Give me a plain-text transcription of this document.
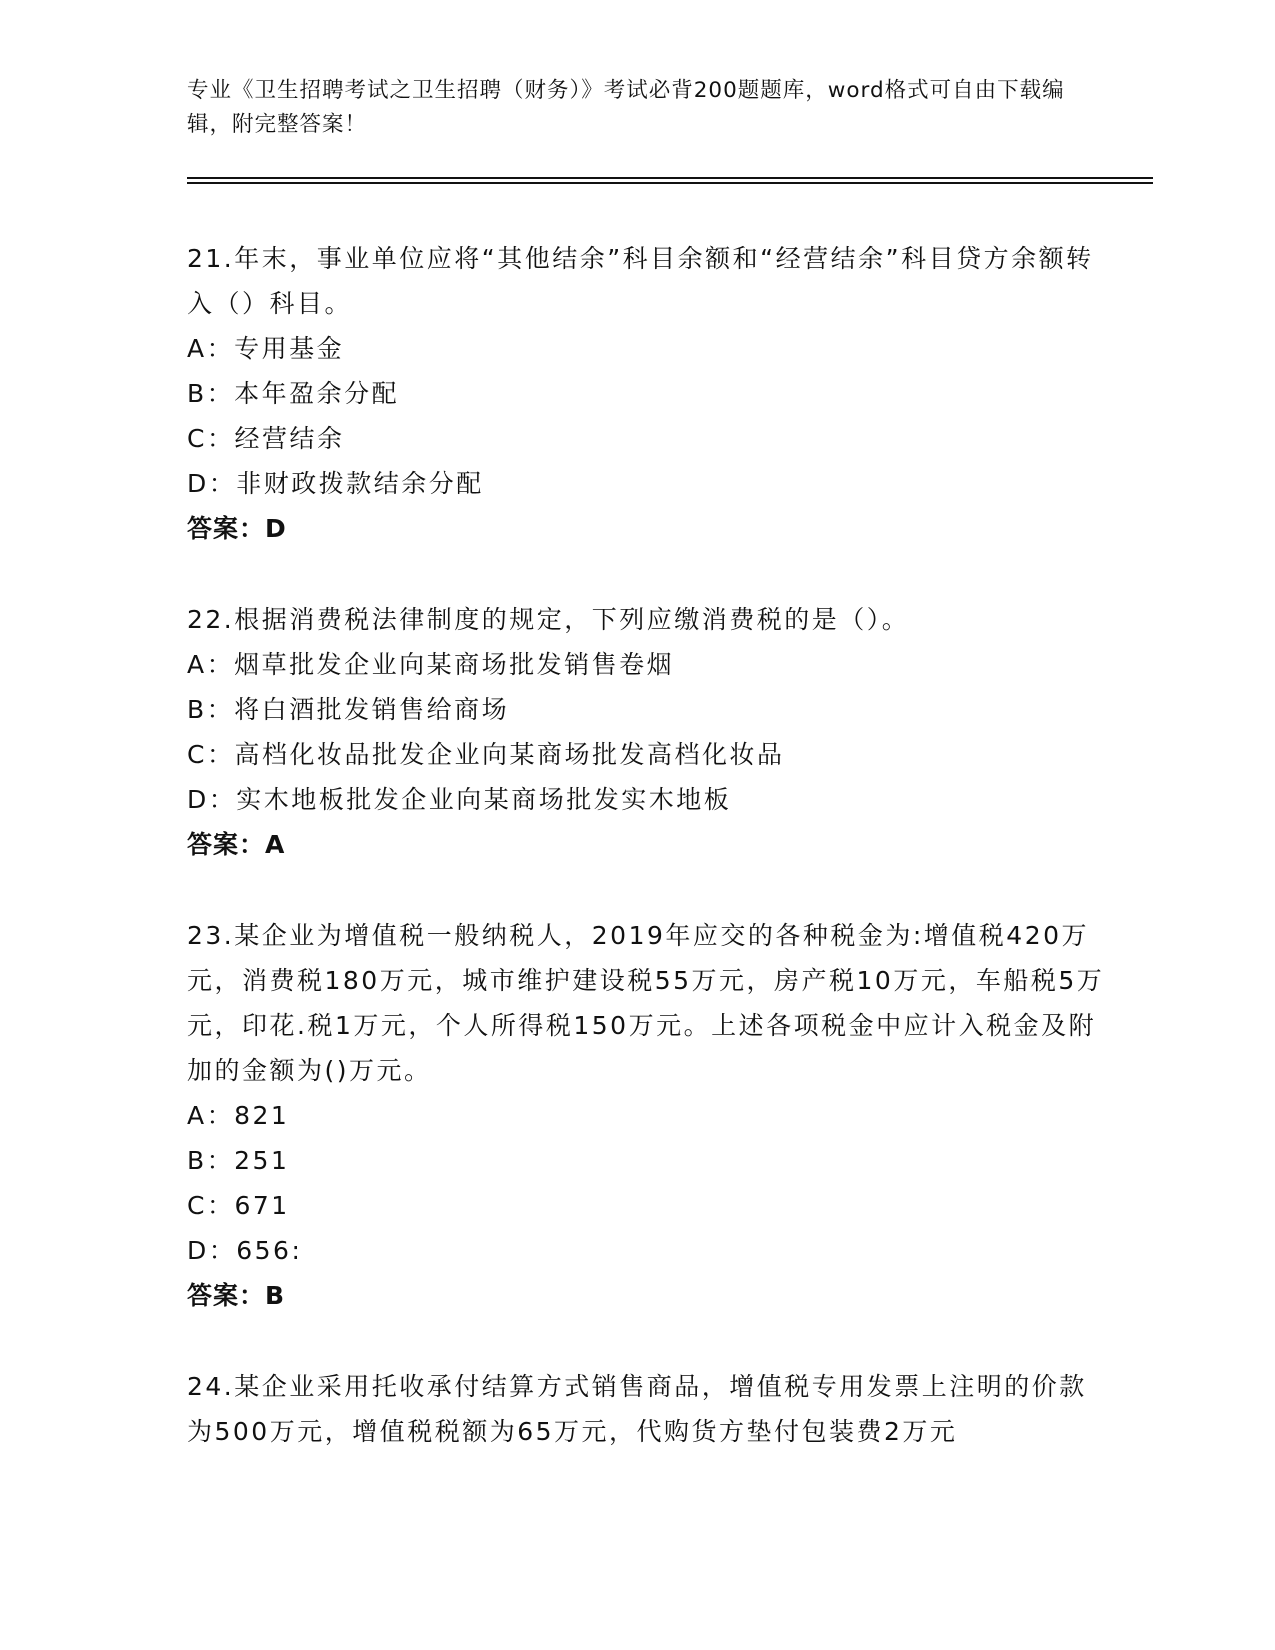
专业《卫生招聘考试之卫生招聘（财务）》考试必背200题题库，word格式可自由下载编辑，附完整答案！
21.年末，事业单位应将“其他结余”科目余额和“经营结余”科目贷方余额转入（）科目。
A：专用基金
B：本年盈余分配
C：经营结余
D：非财政拨款结余分配
答案：D
22.根据消费税法律制度的规定，下列应缴消费税的是（）。
A：烟草批发企业向某商场批发销售卷烟
B：将白酒批发销售给商场
C：高档化妆品批发企业向某商场批发高档化妆品
D：实木地板批发企业向某商场批发实木地板
答案：A
23.某企业为增值税一般纳税人，2019年应交的各种税金为:增值税420万元，消费税180万元，城市维护建设税55万元，房产税10万元，车船税5万元，印花.税1万元，个人所得税150万元。上述各项税金中应计入税金及附加的金额为()万元。
A：821
B：251
C：671
D：656:
答案：B
24.某企业采用托收承付结算方式销售商品，增值税专用发票上注明的价款为500万元，增值税税额为65万元，代购货方垫付包装费2万元
